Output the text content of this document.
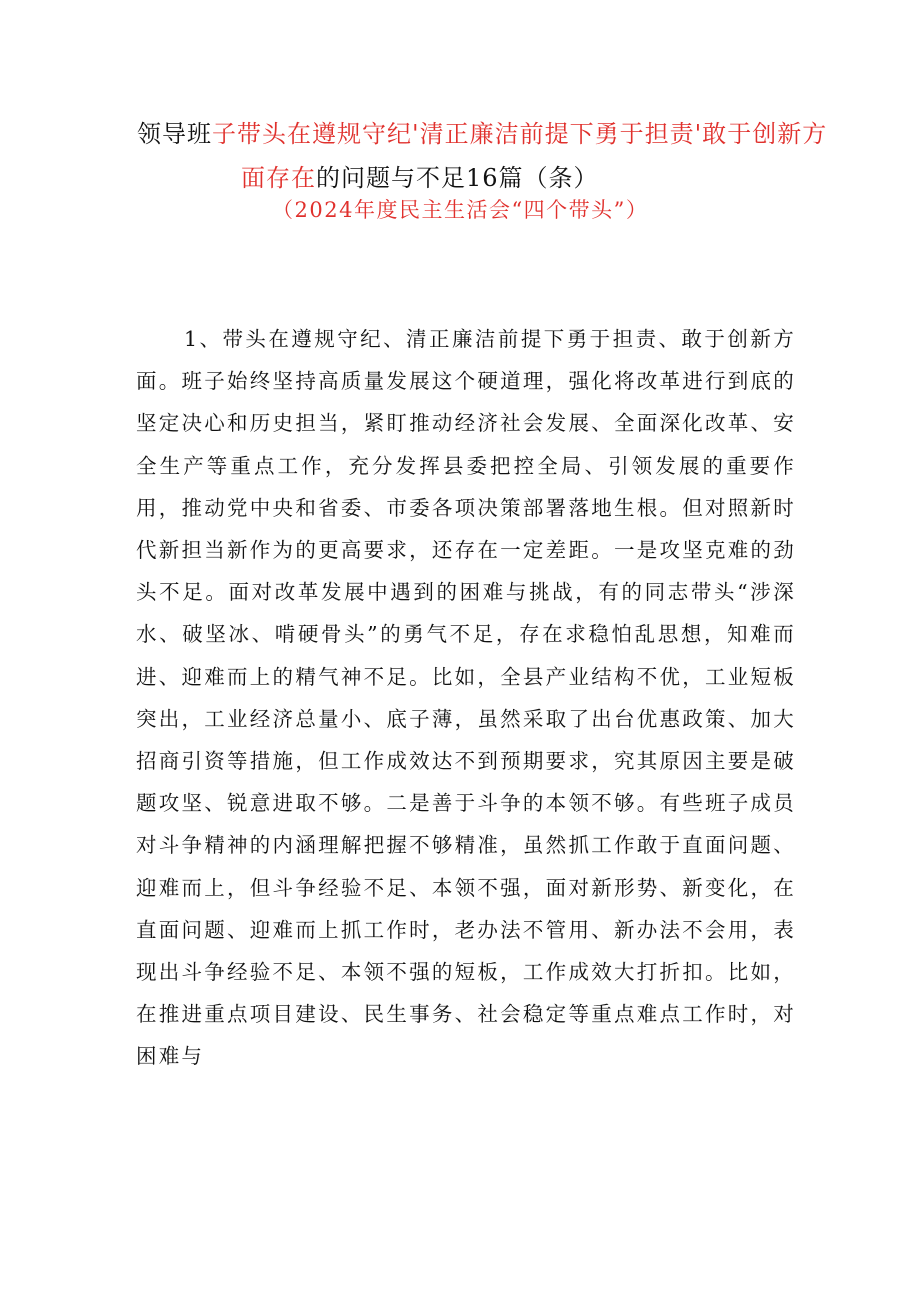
领导班子带头在遵规守纪'清正廉洁前提下勇于担责'敢于创新方
面存在的问题与不足16篇（条）
（2024年度民主生活会“四个带头”）

1、带头在遵规守纪、清正廉洁前提下勇于担责、敢于创新方面。班子始终坚持高质量发展这个硬道理，强化将改革进行到底的坚定决心和历史担当，紧盯推动经济社会发展、全面深化改革、安全生产等重点工作，充分发挥县委把控全局、引领发展的重要作用，推动党中央和省委、市委各项决策部署落地生根。但对照新时代新担当新作为的更高要求，还存在一定差距。一是攻坚克难的劲头不足。面对改革发展中遇到的困难与挑战，有的同志带头“涉深水、破坚冰、啃硬骨头”的勇气不足，存在求稳怕乱思想，知难而进、迎难而上的精气神不足。比如，全县产业结构不优，工业短板突出，工业经济总量小、底子薄，虽然采取了出台优惠政策、加大招商引资等措施，但工作成效达不到预期要求，究其原因主要是破题攻坚、锐意进取不够。二是善于斗争的本领不够。有些班子成员对斗争精神的内涵理解把握不够精准，虽然抓工作敢于直面问题、迎难而上，但斗争经验不足、本领不强，面对新形势、新变化，在直面问题、迎难而上抓工作时，老办法不管用、新办法不会用，表现出斗争经验不足、本领不强的短板，工作成效大打折扣。比如，在推进重点项目建设、民生事务、社会稳定等重点难点工作时，对困难与
